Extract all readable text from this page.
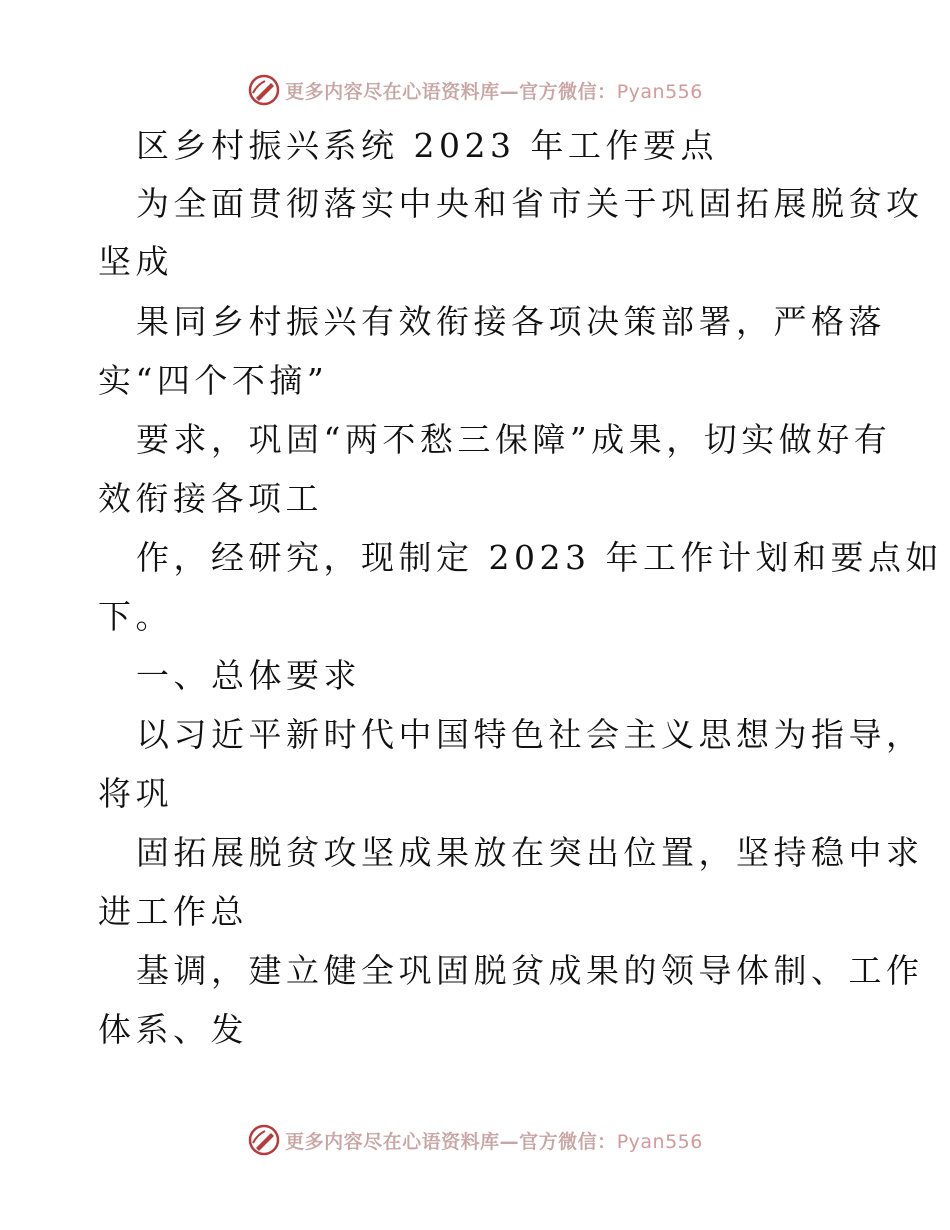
更多内容尽在心语资料库—官方微信：Pyan556
区乡村振兴系统 2023 年工作要点
为全面贯彻落实中央和省市关于巩固拓展脱贫攻
坚成
果同乡村振兴有效衔接各项决策部署，严格落
实“四个不摘”
要求，巩固“两不愁三保障”成果，切实做好有
效衔接各项工
作，经研究，现制定 2023 年工作计划和要点如
下。
一、总体要求
以习近平新时代中国特色社会主义思想为指导，
将巩
固拓展脱贫攻坚成果放在突出位置，坚持稳中求
进工作总
基调，建立健全巩固脱贫成果的领导体制、工作
体系、发
更多内容尽在心语资料库—官方微信：Pyan556
